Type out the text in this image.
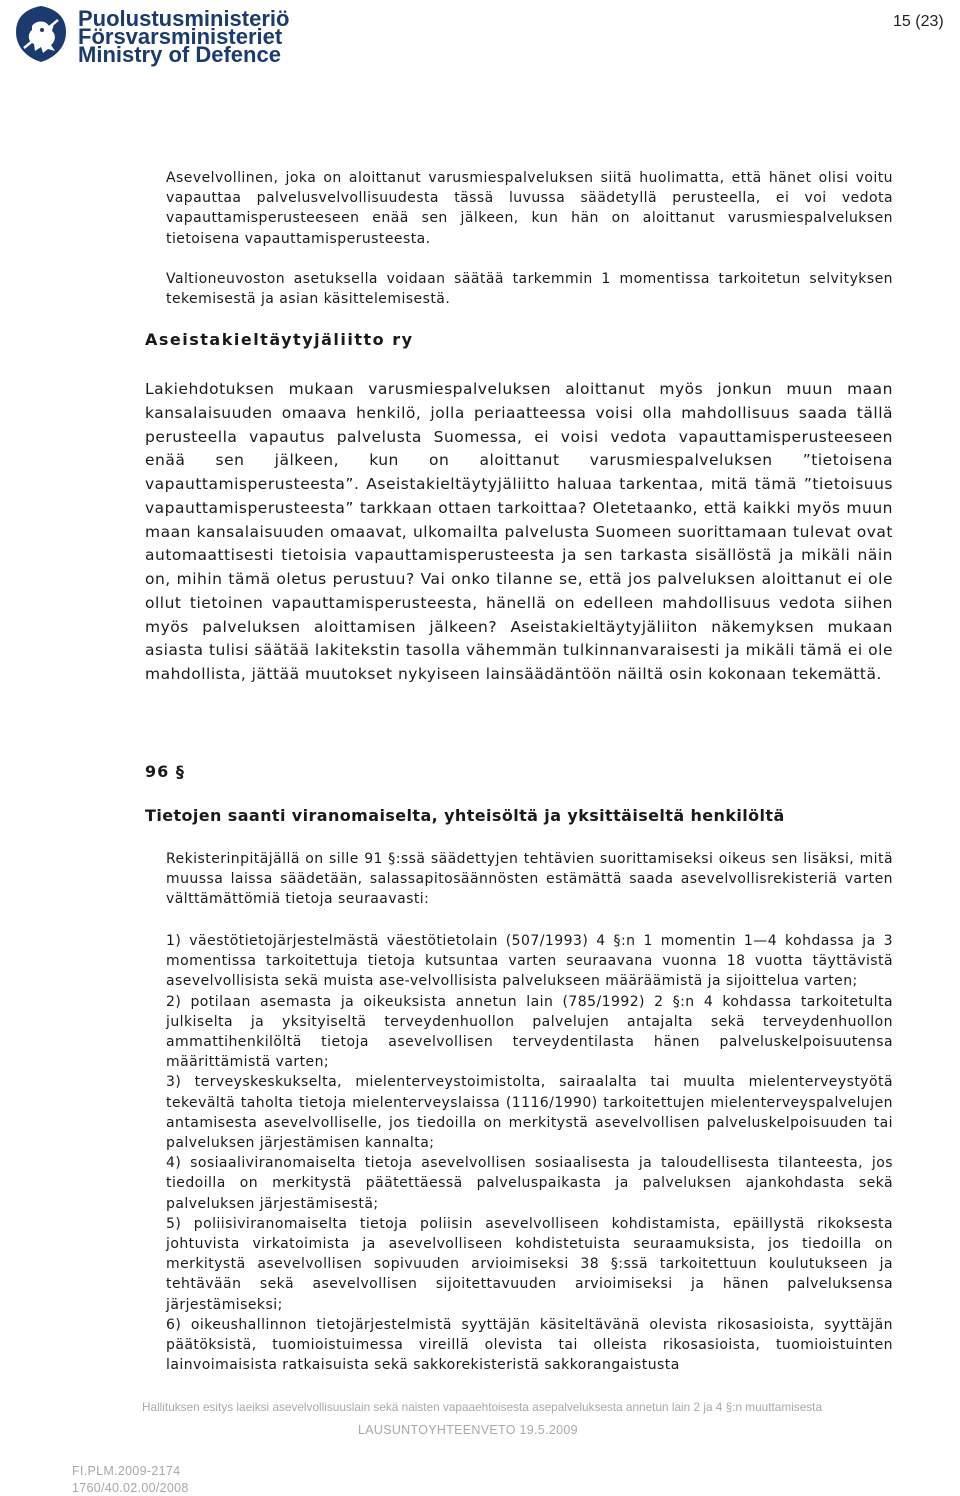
Puolustusministeriö
Försvarsministeriet
Ministry of Defence
15 (23)

Asevelvollinen, joka on aloittanut varusmiespalveluksen siitä huolimatta, että hänet olisi voitu vapauttaa palvelusvelvollisuudesta tässä luvussa säädetyllä perusteella, ei voi vedota vapauttamisperusteeseen enää sen jälkeen, kun hän on aloittanut varusmiespalveluksen tietoisena vapauttamisperusteesta.

Valtioneuvoston asetuksella voidaan säätää tarkemmin 1 momentissa tarkoitetun selvityksen tekemisestä ja asian käsittelemisestä.

Aseistakieltäytyjäliitto ry

Lakiehdotuksen mukaan varusmiespalveluksen aloittanut myös jonkun muun maan kansalaisuuden omaava henkilö, jolla periaatteessa voisi olla mahdollisuus saada tällä perusteella vapautus palvelusta Suomessa, ei voisi vedota vapauttamisperusteeseen enää sen jälkeen, kun on aloittanut varusmiespalveluksen ”tietoisena vapauttamisperusteesta”. Aseistakieltäytyjäliitto haluaa tarkentaa, mitä tämä ”tietoisuus vapauttamisperusteesta” tarkkaan ottaen tarkoittaa? Oletetaanko, että kaikki myös muun maan kansalaisuuden omaavat, ulkomailta palvelusta Suomeen suorittamaan tulevat ovat automaattisesti tietoisia vapauttamisperusteesta ja sen tarkasta sisällöstä ja mikäli näin on, mihin tämä oletus perustuu? Vai onko tilanne se, että jos palveluksen aloittanut ei ole ollut tietoinen vapauttamisperusteesta, hänellä on edelleen mahdollisuus vedota siihen myös palveluksen aloittamisen jälkeen? Aseistakieltäytyjäliiton näkemyksen mukaan asiasta tulisi säätää lakitekstin tasolla vähemmän tulkinnanvaraisesti ja mikäli tämä ei ole mahdollista, jättää muutokset nykyiseen lainsäädäntöön näiltä osin kokonaan tekemättä.

96 §
Tietojen saanti viranomaiselta, yhteisöltä ja yksittäiseltä henkilöltä

Rekisterinpitäjällä on sille 91 §:ssä säädettyjen tehtävien suorittamiseksi oikeus sen lisäksi, mitä muussa laissa säädetään, salassapitosäännösten estämättä saada asevelvollisrekisteriä varten välttämättömiä tietoja seuraavasti:

1) väestötietojärjestelmästä väestötietolain (507/1993) 4 §:n 1 momentin 1—4 kohdassa ja 3 momentissa tarkoitettuja tietoja kutsuntaa varten seuraavana vuonna 18 vuotta täyttävistä asevelvollisista sekä muista ase-velvollisista palvelukseen määräämistä ja sijoittelua varten;
2) potilaan asemasta ja oikeuksista annetun lain (785/1992) 2 §:n 4 kohdassa tarkoitetulta julkiselta ja yksityiseltä terveydenhuollon palvelujen antajalta sekä terveydenhuollon ammattihenkilöltä tietoja asevelvollisen terveydentilasta hänen palveluskelpoisuutensa määrittämistä varten;
3) terveyskeskukselta, mielenterveystoimistolta, sairaalalta tai muulta mielenterveystyötä tekevältä taholta tietoja mielenterveyslaissa (1116/1990) tarkoitettujen mielenterveyspalvelujen antamisesta asevelvolliselle, jos tiedoilla on merkitystä asevelvollisen palveluskelpoisuuden tai palveluksen järjestämisen kannalta;
4) sosiaaliviranomaiselta tietoja asevelvollisen sosiaalisesta ja taloudellisesta tilanteesta, jos tiedoilla on merkitystä päätettäessä palveluspaikasta ja palveluksen ajankohdasta sekä palveluksen järjestämisestä;
5) poliisiviranomaiselta tietoja poliisin asevelvolliseen kohdistamista, epäillystä rikoksesta johtuvista virkatoimista ja asevelvolliseen kohdistetuista seuraamuksista, jos tiedoilla on merkitystä asevelvollisen sopivuuden arvioimiseksi 38 §:ssä tarkoitettuun koulutukseen ja tehtävään sekä asevelvollisen sijoitettavuuden arvioimiseksi ja hänen palveluksensa järjestämiseksi;
6) oikeushallinnon tietojärjestelmistä syyttäjän käsiteltävänä olevista rikosasioista, syyttäjän päätöksistä, tuomioistuimessa vireillä olevista tai olleista rikosasioista, tuomioistuinten lainvoimaisista ratkaisuista sekä sakkorekisteristä sakkorangaistusta
Hallituksen esitys laeiksi asevelvollisuuslain sekä naisten vapaaehtoisesta asepalveluksesta annetun lain 2 ja 4 §:n muuttamisesta
LAUSUNTOYHTEENVETO 19.5.2009
FI.PLM.2009-2174
1760/40.02.00/2008
